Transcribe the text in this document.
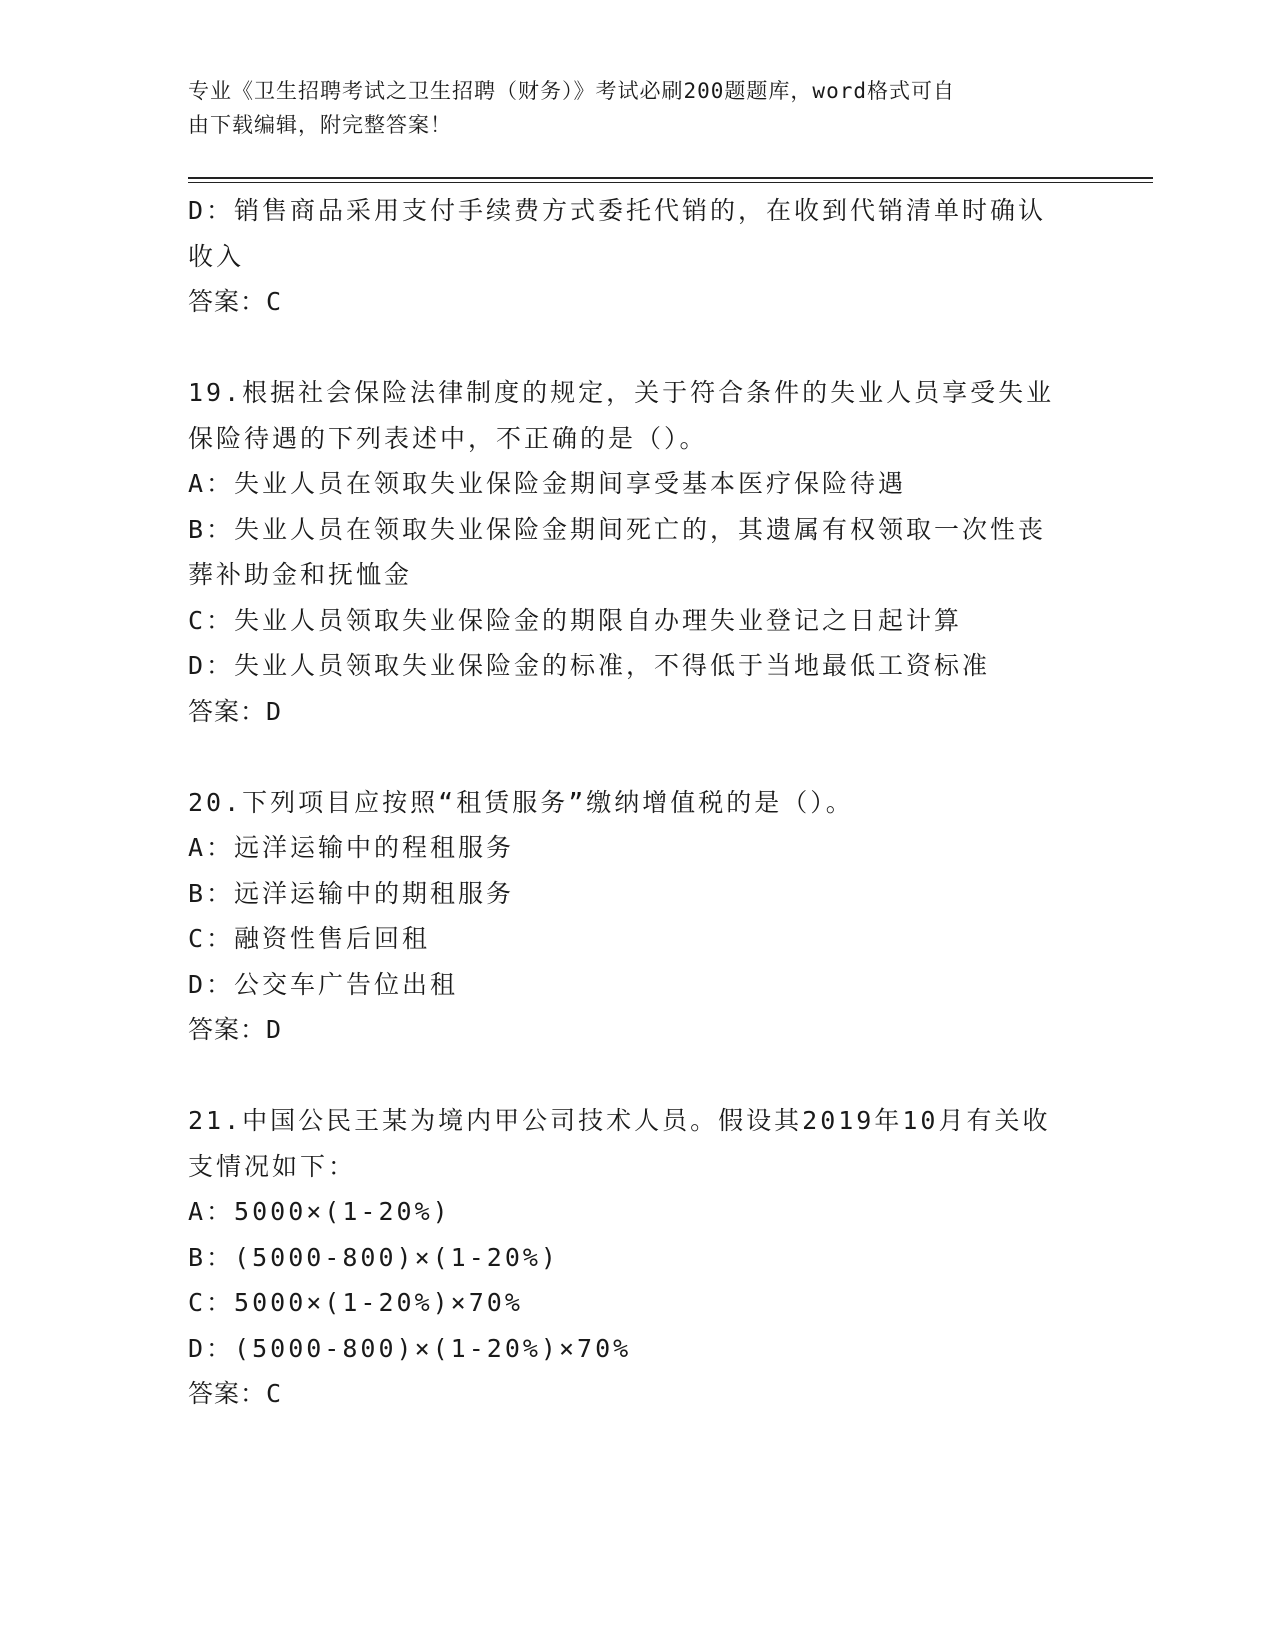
专业《卫生招聘考试之卫生招聘（财务）》考试必刷200题题库，word格式可自
由下载编辑，附完整答案！
D：销售商品采用支付手续费方式委托代销的，在收到代销清单时确认
收入
答案：C
19.根据社会保险法律制度的规定，关于符合条件的失业人员享受失业
保险待遇的下列表述中，不正确的是（）。
A：失业人员在领取失业保险金期间享受基本医疗保险待遇
B：失业人员在领取失业保险金期间死亡的，其遗属有权领取一次性丧
葬补助金和抚恤金
C：失业人员领取失业保险金的期限自办理失业登记之日起计算
D：失业人员领取失业保险金的标准，不得低于当地最低工资标准
答案：D
20.下列项目应按照“租赁服务”缴纳增值税的是（）。
A：远洋运输中的程租服务
B：远洋运输中的期租服务
C：融资性售后回租
D：公交车广告位出租
答案：D
21.中国公民王某为境内甲公司技术人员。假设其2019年10月有关收
支情况如下：
A：5000×(1-20%)
B：(5000-800)×(1-20%)
C：5000×(1-20%)×70%
D：(5000-800)×(1-20%)×70%
答案：C
